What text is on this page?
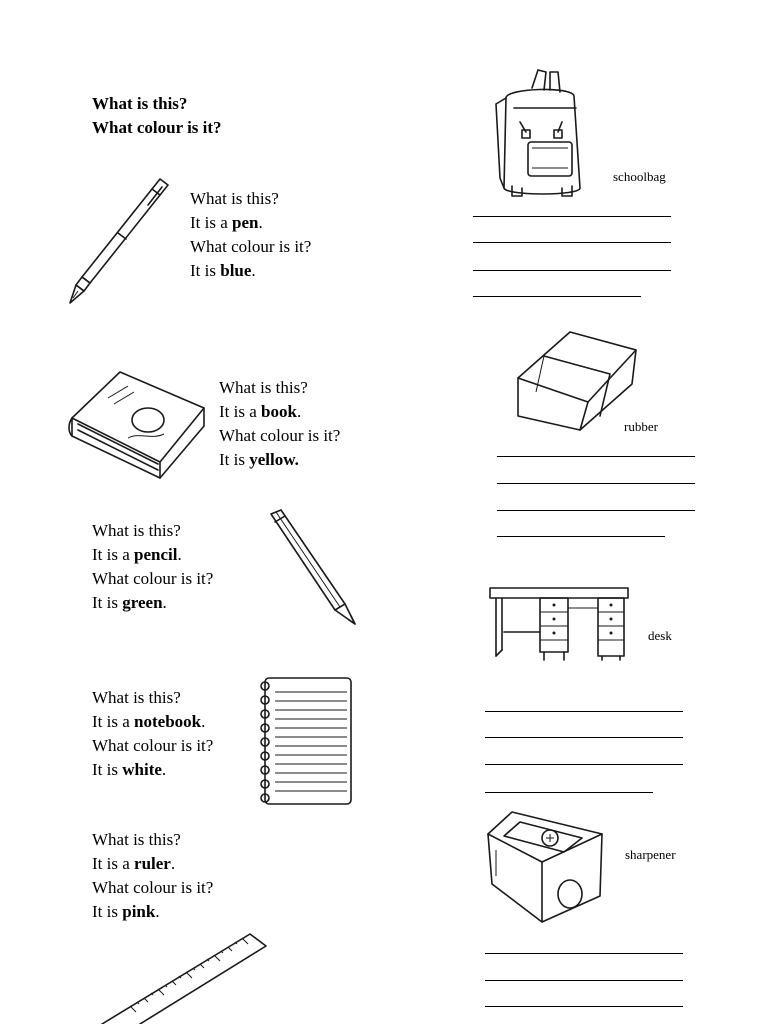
What is this?
What colour is it?
What is this?
It is a pen.
What colour is it?
It is blue.
What is this?
It is a book.
What colour is it?
It is yellow.
What is this?
It is a pencil.
What colour is it?
It is green.
What is this?
It is a notebook.
What colour is it?
It is white.
What is this?
It is a ruler.
What colour is it?
It is pink.
schoolbag
rubber
desk
sharpener
